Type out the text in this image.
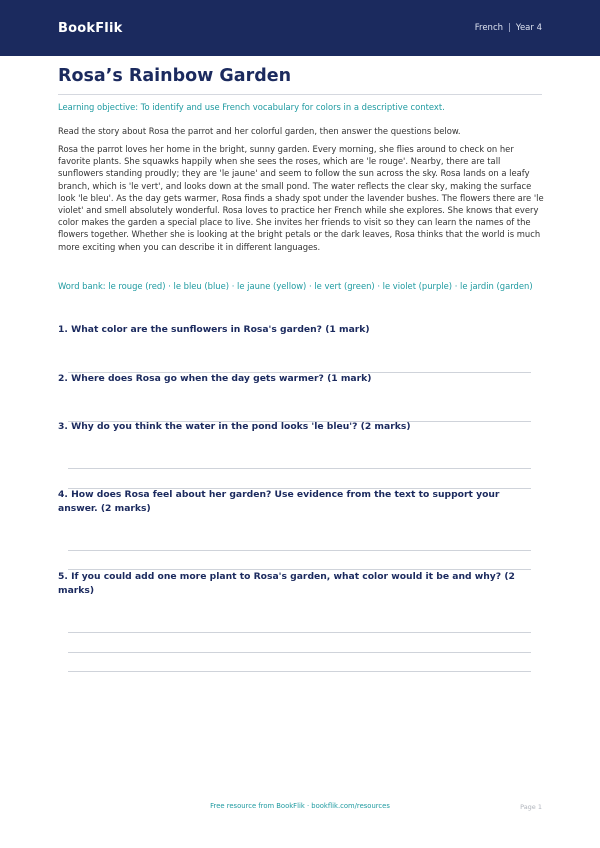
BookFlik	French | Year 4
Rosa’s Rainbow Garden

Learning objective: To identify and use French vocabulary for colors in a descriptive context.

Read the story about Rosa the parrot and her colorful garden, then answer the questions below.

Rosa the parrot loves her home in the bright, sunny garden. Every morning, she flies around to check on her favorite plants. She squawks happily when she sees the roses, which are 'le rouge'. Nearby, there are tall sunflowers standing proudly; they are 'le jaune' and seem to follow the sun across the sky. Rosa lands on a leafy branch, which is 'le vert', and looks down at the small pond. The water reflects the clear sky, making the surface look 'le bleu'. As the day gets warmer, Rosa finds a shady spot under the lavender bushes. The flowers there are 'le violet' and smell absolutely wonderful. Rosa loves to practice her French while she explores. She knows that every color makes the garden a special place to live. She invites her friends to visit so they can learn the names of the flowers together. Whether she is looking at the bright petals or the dark leaves, Rosa thinks that the world is much more exciting when you can describe it in different languages.

Word bank: le rouge (red) · le bleu (blue) · le jaune (yellow) · le vert (green) · le violet (purple) · le jardin (garden)

1. What color are the sunflowers in Rosa's garden? (1 mark)

2. Where does Rosa go when the day gets warmer? (1 mark)

3. Why do you think the water in the pond looks 'le bleu'? (2 marks)

4. How does Rosa feel about her garden? Use evidence from the text to support your answer. (2 marks)

5. If you could add one more plant to Rosa's garden, what color would it be and why? (2 marks)

Free resource from BookFlik · bookflik.com/resources	Page 1
